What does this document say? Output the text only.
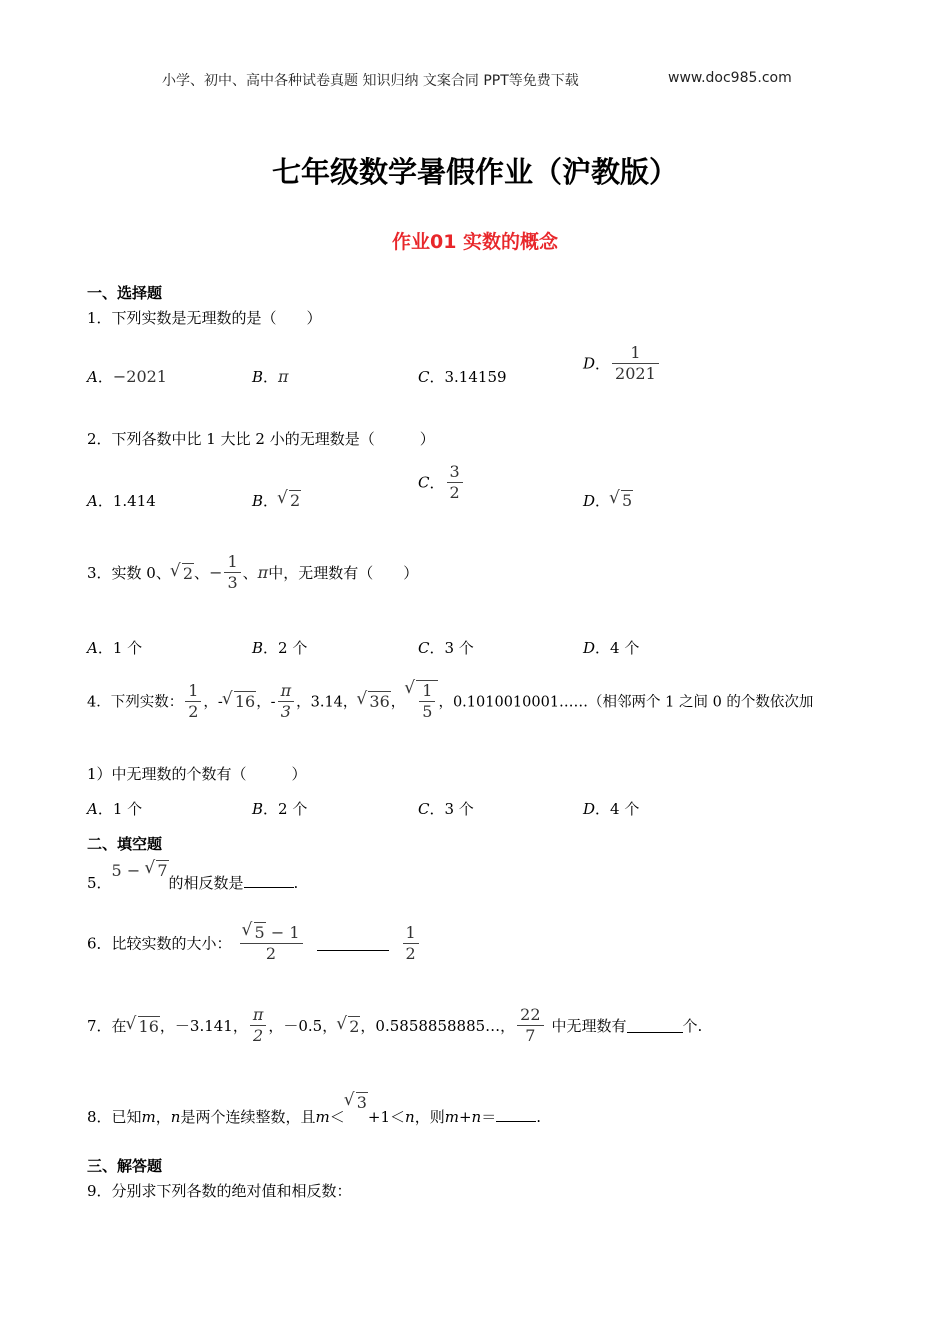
小学、初中、高中各种试卷真题 知识归纳 文案合同 PPT等免费下载	www.doc985.com
七年级数学暑假作业（沪教版）
作业01 实数的概念
一、选择题
1．下列实数是无理数的是（　　）
A．−2021	B．π	C．3.14159
D． $\frac{1}{2021}$
2．下列各数中比 1 大比 2 小的无理数是（　　　）
A．1.414	B． √ 2
C． $\frac{3}{2}$	D． √ 5
3．实数 0、 √ 2、− $\frac{1}{3}$ 、π中，无理数有（　　）
A．1 个	B．2 个	C．3 个	D．4 个
4．下列实数： $\frac{1}{2}$ ，- √ 16，- $\frac{\pi}{3}$ ，3.14， √ 36， √ $\frac{1}{5}$ ，0.1010010001……（相邻两个 1 之间 0 的个数依次加
1）中无理数的个数有（　　　）
A．1 个	B．2 个	C．3 个	D．4 个
二、填空题
5．5 − √ 7的相反数是	.
6．比较实数的大小： √ $\frac{5 - 1}{2}$	$\frac{1}{2}$
7．在 √ 16，－3.141， $\frac{\pi}{2}$ ，－0.5， √ 2，0.5858858885…， $\frac{22}{7}$ 中无理数有	个.
8．已知m，n是两个连续整数，且m＜√ 3+1＜n，则m+n＝	.
三、解答题
9．分别求下列各数的绝对值和相反数：
